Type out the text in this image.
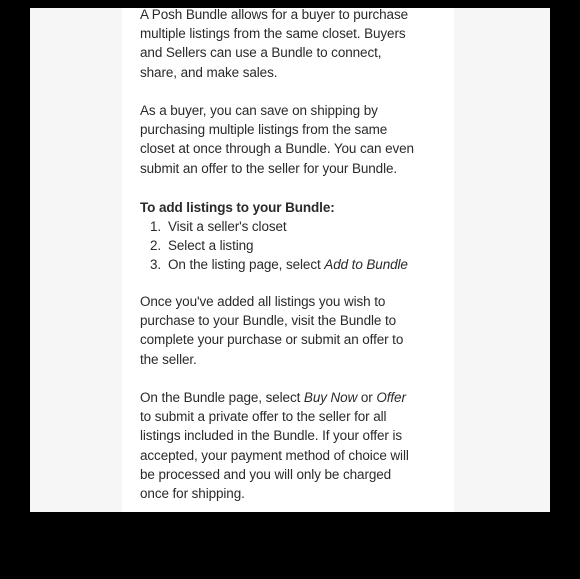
A Posh Bundle allows for a buyer to purchase
multiple listings from the same closet. Buyers
and Sellers can use a Bundle to connect,
share, and make sales.

As a buyer, you can save on shipping by
purchasing multiple listings from the same
closet at once through a Bundle. You can even
submit an offer to the seller for your Bundle.

To add listings to your Bundle:

1. Visit a seller's closet
2. Select a listing
3. On the listing page, select Add to Bundle

Once you've added all listings you wish to
purchase to your Bundle, visit the Bundle to
complete your purchase or submit an offer to
the seller.

On the Bundle page, select Buy Now or Offer
to submit a private offer to the seller for all
listings included in the Bundle. If your offer is
accepted, your payment method of choice will
be processed and you will only be charged
once for shipping.
